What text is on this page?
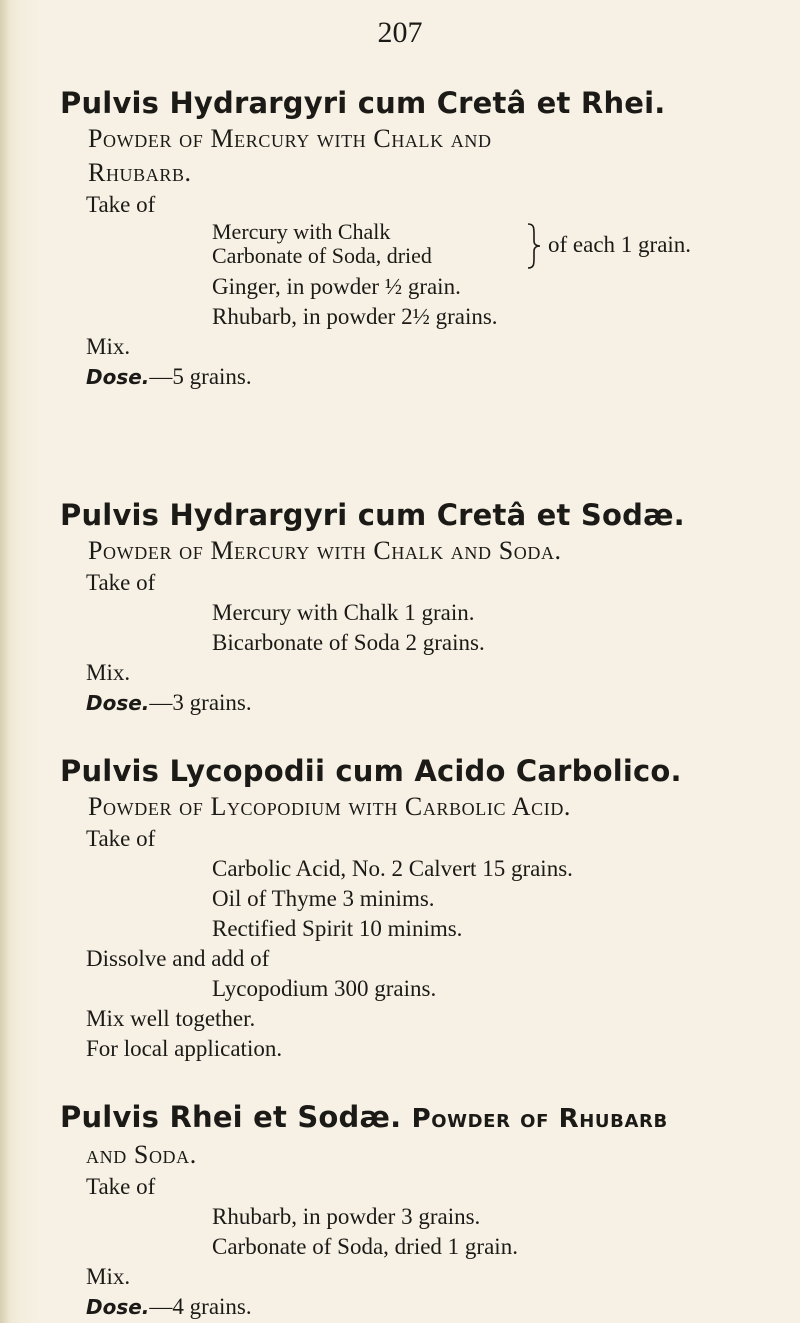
207
Pulvis Hydrargyri cum Cretâ et Rhei.
Powder of Mercury with Chalk and
Rhubarb.
Take of
Mercury with Chalk
Carbonate of Soda, dried	of each 1 grain.
Ginger, in powder ½ grain.
Rhubarb, in powder 2½ grains.
Mix.
Dose.—5 grains.
Pulvis Hydrargyri cum Cretâ et Sodæ.
Powder of Mercury with Chalk and Soda.
Take of
Mercury with Chalk 1 grain.
Bicarbonate of Soda 2 grains.
Mix.
Dose.—3 grains.
Pulvis Lycopodii cum Acido Carbolico.
Powder of Lycopodium with Carbolic Acid.
Take of
Carbolic Acid, No. 2 Calvert 15 grains.
Oil of Thyme 3 minims.
Rectified Spirit 10 minims.
Dissolve and add of
Lycopodium 300 grains.
Mix well together.
For local application.
Pulvis Rhei et Sodæ. Powder of Rhubarb
and Soda.
Take of
Rhubarb, in powder 3 grains.
Carbonate of Soda, dried 1 grain.
Mix.
Dose.—4 grains.
